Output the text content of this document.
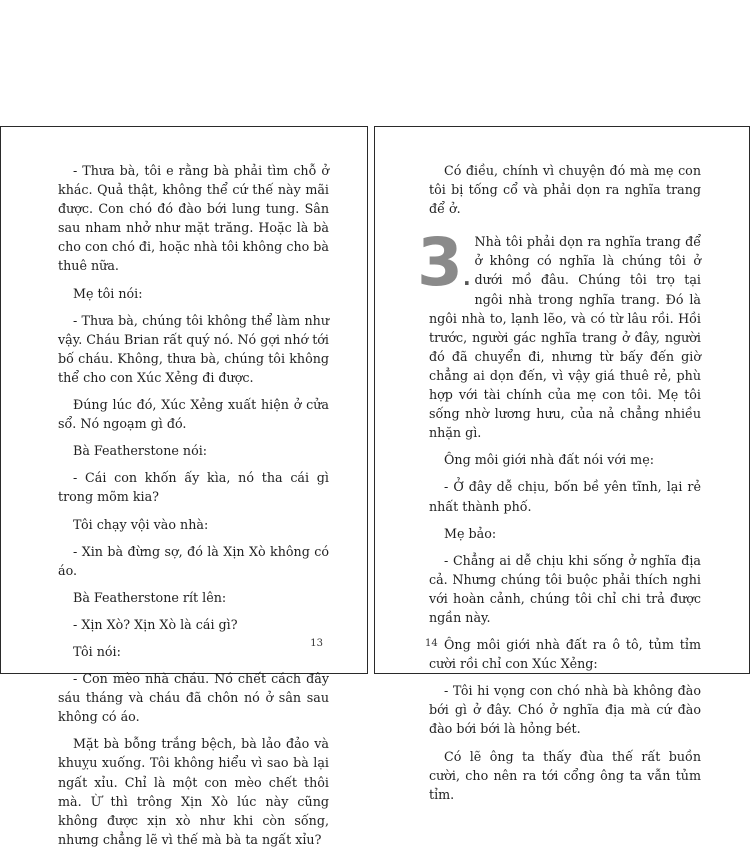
- Thưa bà, tôi e rằng bà phải tìm chỗ ở khác. Quả thật, không thể cứ thế này mãi được. Con chó đó đào bới lung tung. Sân sau nham nhở như mặt trăng. Hoặc là bà cho con chó đi, hoặc nhà tôi không cho bà thuê nữa.

Mẹ tôi nói:

- Thưa bà, chúng tôi không thể làm như vậy. Cháu Brian rất quý nó. Nó gợi nhớ tới bố cháu. Không, thưa bà, chúng tôi không thể cho con Xúc Xẻng đi được.

Đúng lúc đó, Xúc Xẻng xuất hiện ở cửa sổ. Nó ngoạm gì đó.

Bà Featherstone nói:

- Cái con khốn ấy kìa, nó tha cái gì trong mõm kia?

Tôi chạy vội vào nhà:

- Xin bà đừng sợ, đó là Xịn Xò không có áo.

Bà Featherstone rít lên:

- Xịn Xò? Xịn Xò là cái gì?

Tôi nói:

- Con mèo nhà cháu. Nó chết cách đây sáu tháng và cháu đã chôn nó ở sân sau không có áo.

Mặt bà bỗng trắng bệch, bà lảo đảo và khuỵu xuống. Tôi không hiểu vì sao bà lại ngất xỉu. Chỉ là một con mèo chết thôi mà. Ừ thì trông Xịn Xò lúc này cũng không được xịn xò như khi còn sống, nhưng chẳng lẽ vì thế mà bà ta ngất xỉu?

13

Có điều, chính vì chuyện đó mà mẹ con tôi bị tống cổ và phải dọn ra nghĩa trang để ở.

3.

Nhà tôi phải dọn ra nghĩa trang để ở không có nghĩa là chúng tôi ở dưới mồ đâu. Chúng tôi trọ tại ngôi nhà trong nghĩa trang. Đó là ngôi nhà to, lạnh lẽo, và có từ lâu rồi. Hồi trước, người gác nghĩa trang ở đây, người đó đã chuyển đi, nhưng từ bấy đến giờ chẳng ai dọn đến, vì vậy giá thuê rẻ, phù hợp với tài chính của mẹ con tôi. Mẹ tôi sống nhờ lương hưu, của nả chẳng nhiều nhặn gì.

Ông môi giới nhà đất nói với mẹ:

- Ở đây dễ chịu, bốn bề yên tĩnh, lại rẻ nhất thành phố.

Mẹ bảo:

- Chẳng ai dễ chịu khi sống ở nghĩa địa cả. Nhưng chúng tôi buộc phải thích nghi với hoàn cảnh, chúng tôi chỉ chi trả được ngần này.

Ông môi giới nhà đất ra ô tô, tủm tỉm cười rồi chỉ con Xúc Xẻng:

- Tôi hi vọng con chó nhà bà không đào bới gì ở đây. Chó ở nghĩa địa mà cứ đào đào bới bới là hỏng bét.

Có lẽ ông ta thấy đùa thế rất buồn cười, cho nên ra tới cổng ông ta vẫn tủm tỉm.

14
